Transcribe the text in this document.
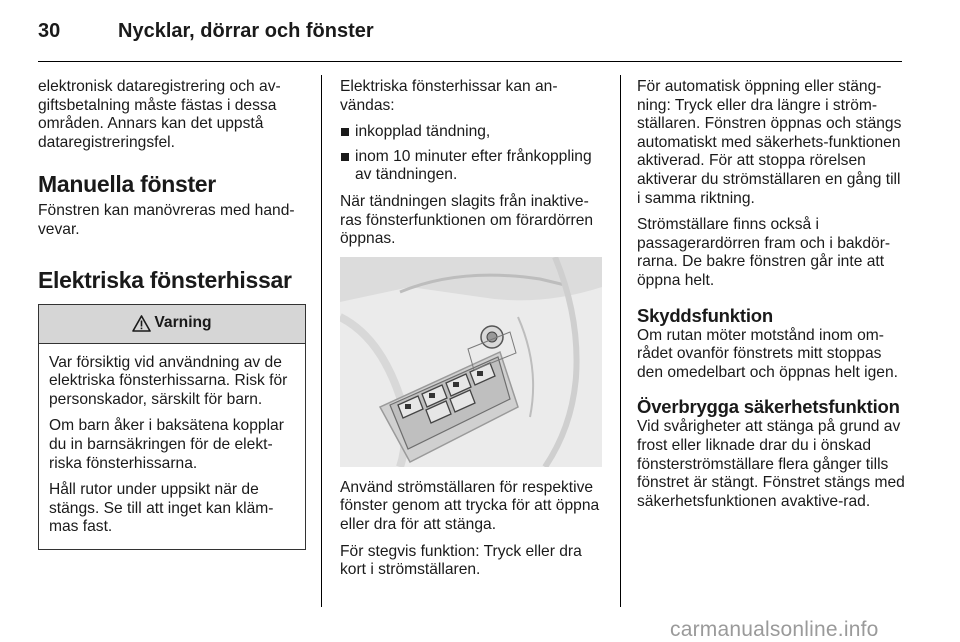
30	Nycklar, dörrar och fönster

elektronisk dataregistrering och av-giftsbetalning måste fästas i dessa områden. Annars kan det uppstå dataregistreringsfel.

Manuella fönster

Fönstren kan manövreras med hand-vevar.

Elektriska fönsterhissar
Varning

Var försiktig vid användning av de elektriska fönsterhissarna. Risk för personskador, särskilt för barn.

Om barn åker i baksätena kopplar du in barnsäkringen för de elekt-riska fönsterhissarna.

Håll rutor under uppsikt när de stängs. Se till att inget kan kläm-mas fast.

Elektriska fönsterhissar kan an-vändas:

inkopplad tändning,
inom 10 minuter efter frånkoppling av tändningen.

När tändningen slagits från inaktive-ras fönsterfunktionen om förardörren öppnas.

Använd strömställaren för respektive fönster genom att trycka för att öppna eller dra för att stänga.

För stegvis funktion: Tryck eller dra kort i strömställaren.

För automatisk öppning eller stäng-ning: Tryck eller dra längre i ström-ställaren. Fönstren öppnas och stängs automatiskt med säkerhets-funktionen aktiverad. För att stoppa rörelsen aktiverar du strömställaren en gång till i samma riktning.

Strömställare finns också i passagerardörren fram och i bakdör-rarna. De bakre fönstren går inte att öppna helt.

Skyddsfunktion

Om rutan möter motstånd inom om-rådet ovanför fönstrets mitt stoppas den omedelbart och öppnas helt igen.

Överbrygga säkerhetsfunktion

Vid svårigheter att stänga på grund av frost eller liknade drar du i önskad fönsterströmställare flera gånger tills fönstret är stängt. Fönstret stängs med säkerhetsfunktionen avaktive-rad.

carmanualsonline.info
